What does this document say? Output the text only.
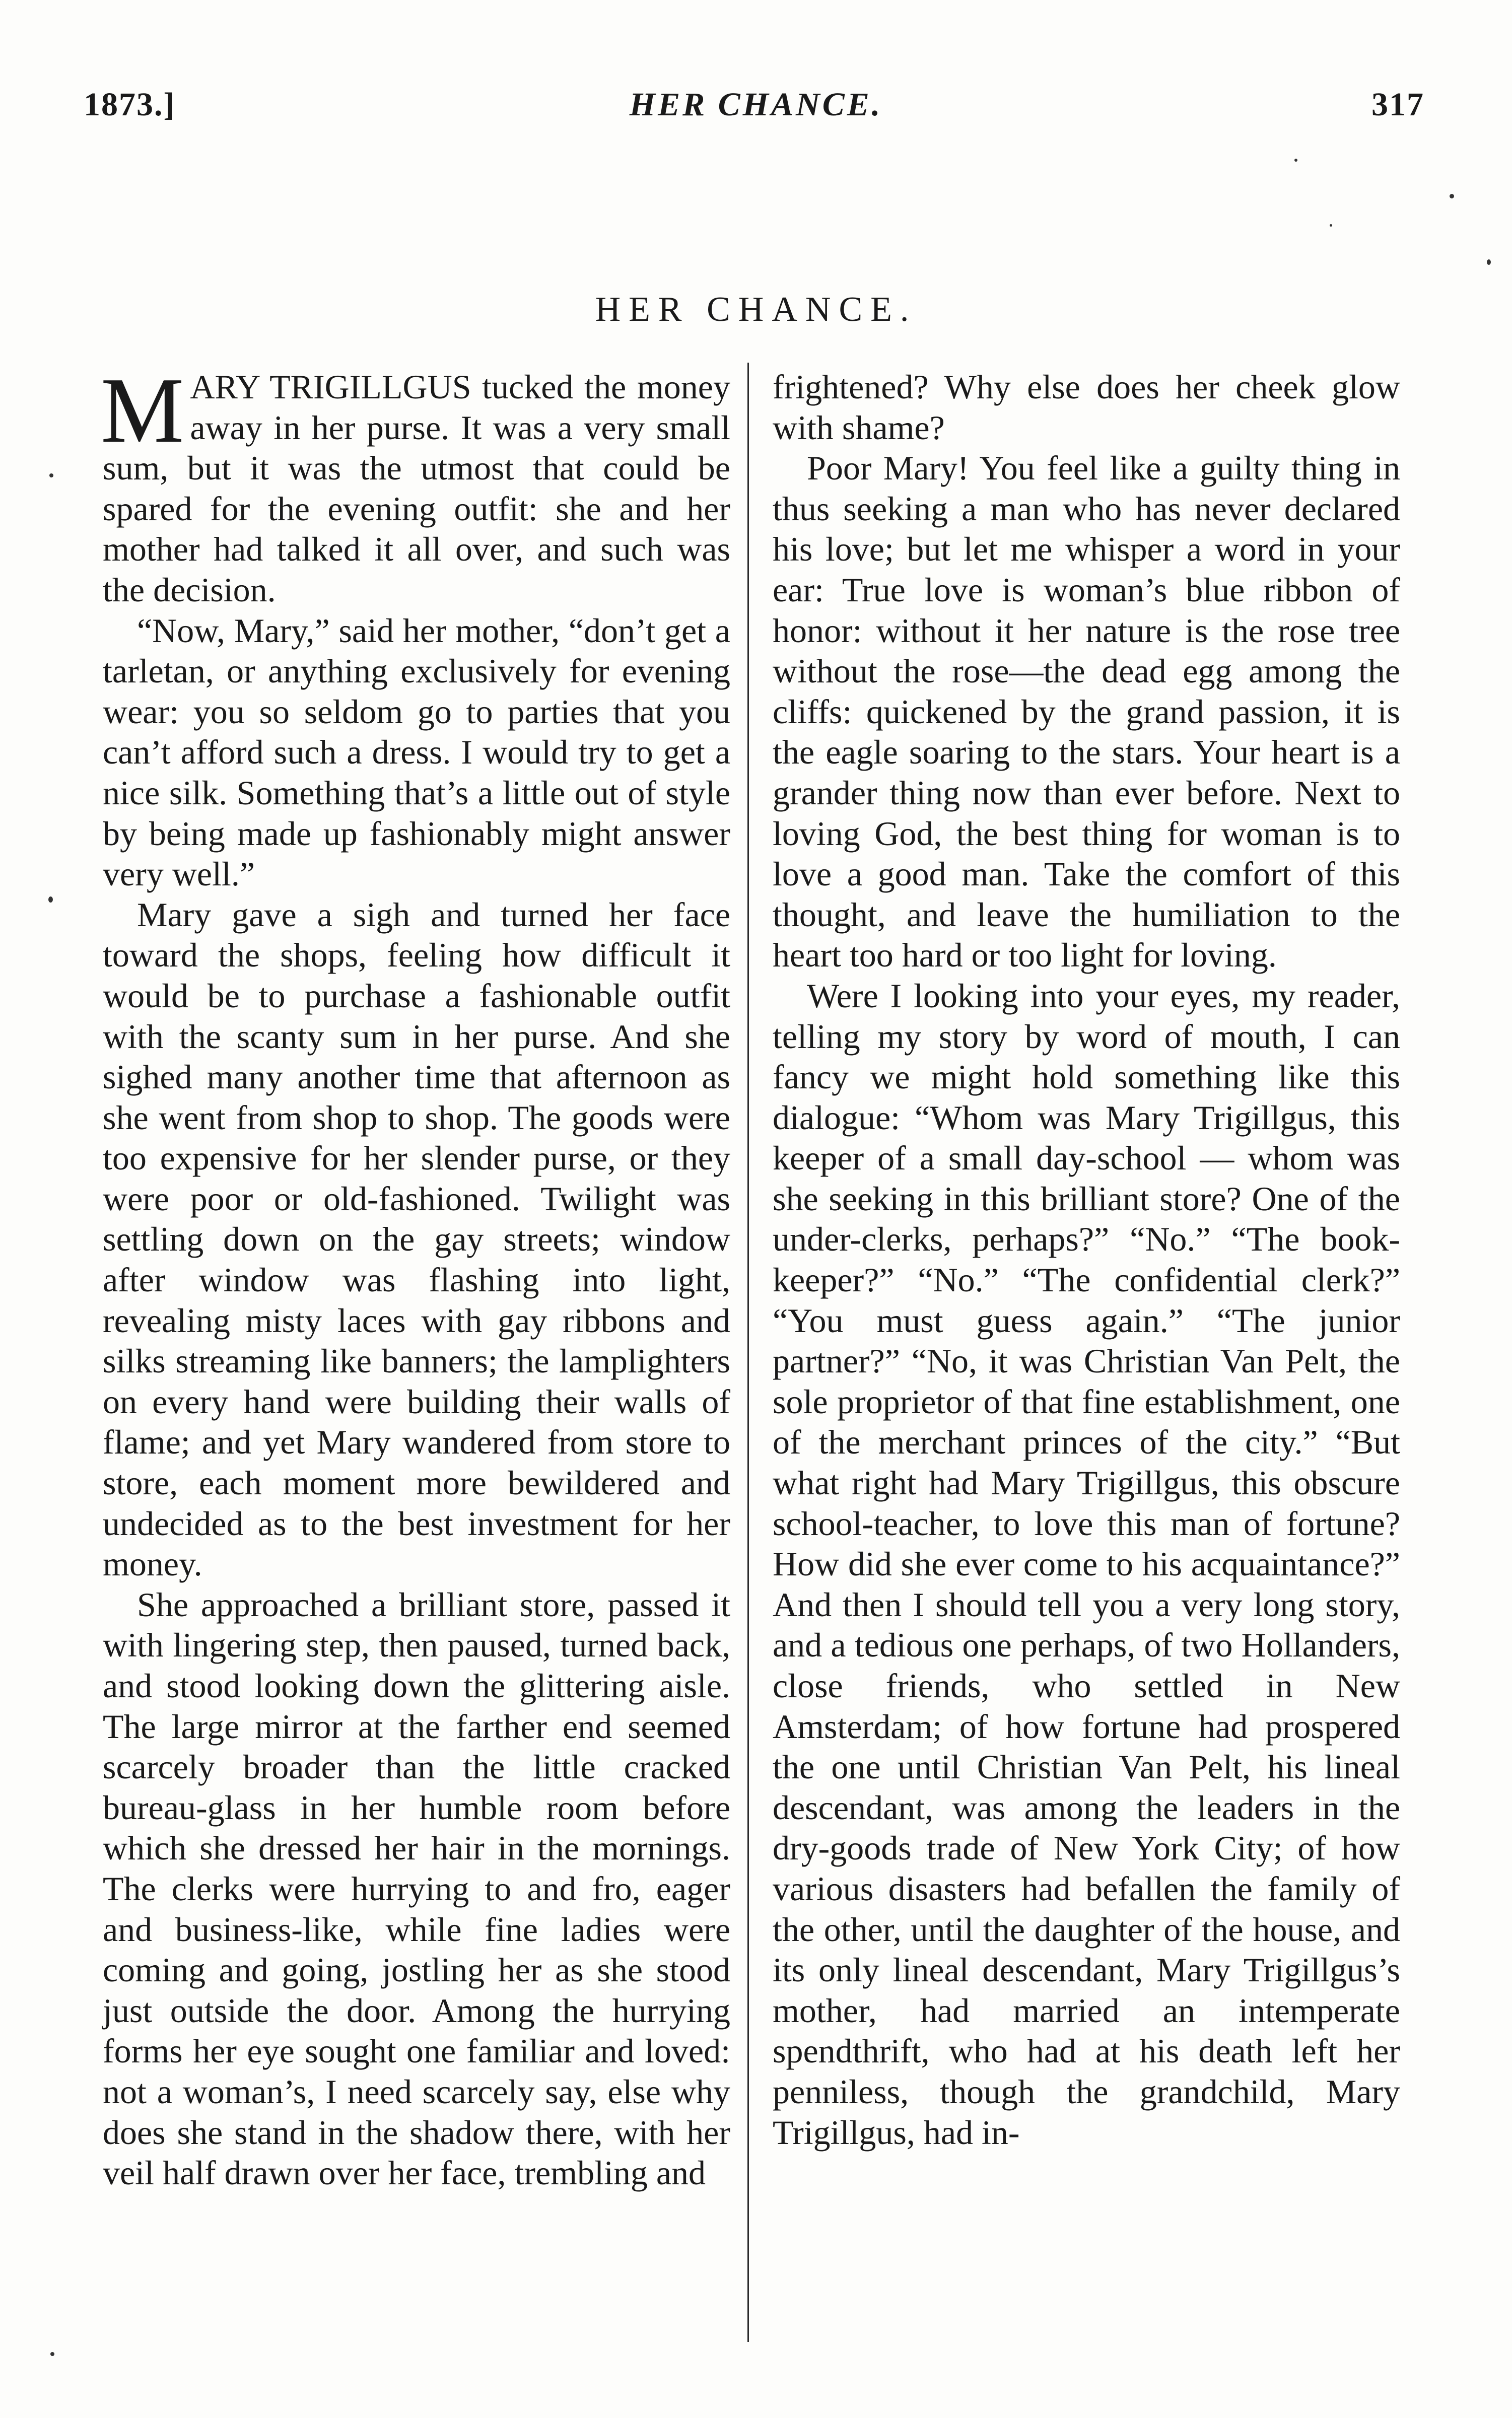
1873.]	HER CHANCE.	317
HER CHANCE.

MARY TRIGILLGUS tucked the money away in her purse. It was a very small sum, but it was the utmost that could be spared for the evening outfit: she and her mother had talked it all over, and such was the decision.

“Now, Mary,” said her mother, “don’t get a tarletan, or anything exclusively for evening wear: you so seldom go to parties that you can’t afford such a dress. I would try to get a nice silk. Something that’s a little out of style by being made up fashionably might answer very well.”

Mary gave a sigh and turned her face toward the shops, feeling how difficult it would be to purchase a fashionable outfit with the scanty sum in her purse. And she sighed many another time that afternoon as she went from shop to shop. The goods were too expensive for her slender purse, or they were poor or old-fashioned. Twilight was settling down on the gay streets; window after window was flashing into light, revealing misty laces with gay ribbons and silks streaming like banners; the lamplighters on every hand were building their walls of flame; and yet Mary wandered from store to store, each moment more bewildered and undecided as to the best investment for her money.

She approached a brilliant store, passed it with lingering step, then paused, turned back, and stood looking down the glittering aisle. The large mirror at the farther end seemed scarcely broader than the little cracked bureau-glass in her humble room before which she dressed her hair in the mornings. The clerks were hurrying to and fro, eager and business-like, while fine ladies were coming and going, jostling her as she stood just outside the door. Among the hurrying forms her eye sought one familiar and loved: not a woman’s, I need scarcely say, else why does she stand in the shadow there, with her veil half drawn over her face, trembling and

frightened? Why else does her cheek glow with shame?

Poor Mary! You feel like a guilty thing in thus seeking a man who has never declared his love; but let me whisper a word in your ear: True love is woman’s blue ribbon of honor: without it her nature is the rose tree without the rose—the dead egg among the cliffs: quickened by the grand passion, it is the eagle soaring to the stars. Your heart is a grander thing now than ever before. Next to loving God, the best thing for woman is to love a good man. Take the comfort of this thought, and leave the humiliation to the heart too hard or too light for loving.

Were I looking into your eyes, my reader, telling my story by word of mouth, I can fancy we might hold something like this dialogue: “Whom was Mary Trigillgus, this keeper of a small day-school — whom was she seeking in this brilliant store? One of the under-clerks, perhaps?” “No.” “The book-keeper?” “No.” “The confidential clerk?” “You must guess again.” “The junior partner?” “No, it was Christian Van Pelt, the sole proprietor of that fine establishment, one of the merchant princes of the city.” “But what right had Mary Trigillgus, this obscure school-teacher, to love this man of fortune? How did she ever come to his acquaintance?” And then I should tell you a very long story, and a tedious one perhaps, of two Hollanders, close friends, who settled in New Amsterdam; of how fortune had prospered the one until Christian Van Pelt, his lineal descendant, was among the leaders in the dry-goods trade of New York City; of how various disasters had befallen the family of the other, until the daughter of the house, and its only lineal descendant, Mary Trigillgus’s mother, had married an intemperate spendthrift, who had at his death left her penniless, though the grandchild, Mary Trigillgus, had in-
